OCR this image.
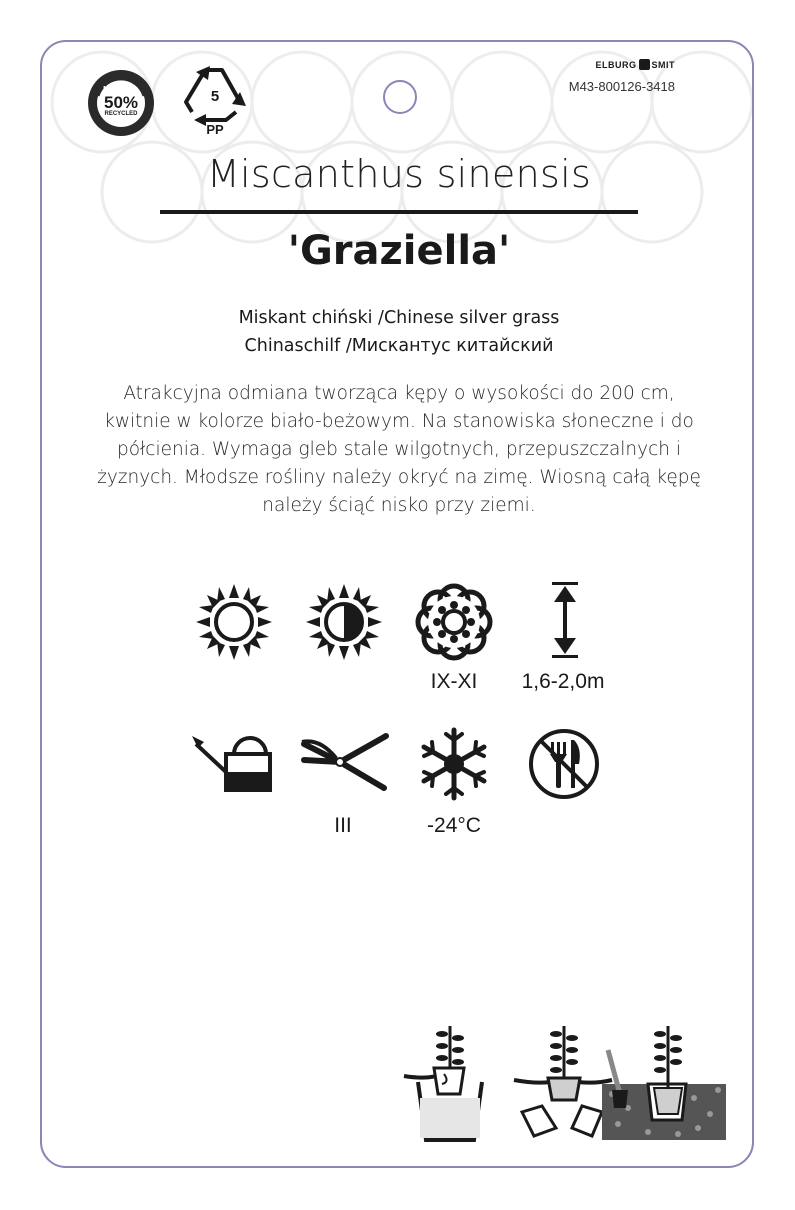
MATERIAL
50%
RECYCLED
5
PP
ELBURG SMIT
M43-800126-3418
Miscanthus sinensis
'Graziella'
Miskant chiński /Chinese silver grass
Chinaschilf /Мискантус китайский
Atrakcyjna odmiana tworząca kępy o wysokości do 200 cm,
kwitnie w kolorze biało-beżowym. Na stanowiska słoneczne i do
półcienia. Wymaga gleb stale wilgotnych, przepuszczalnych i
żyznych. Młodsze rośliny należy okryć na zimę. Wiosną całą kępę
należy ściąć nisko przy ziemi.
IX-XI	1,6-2,0m
III	-24°C
